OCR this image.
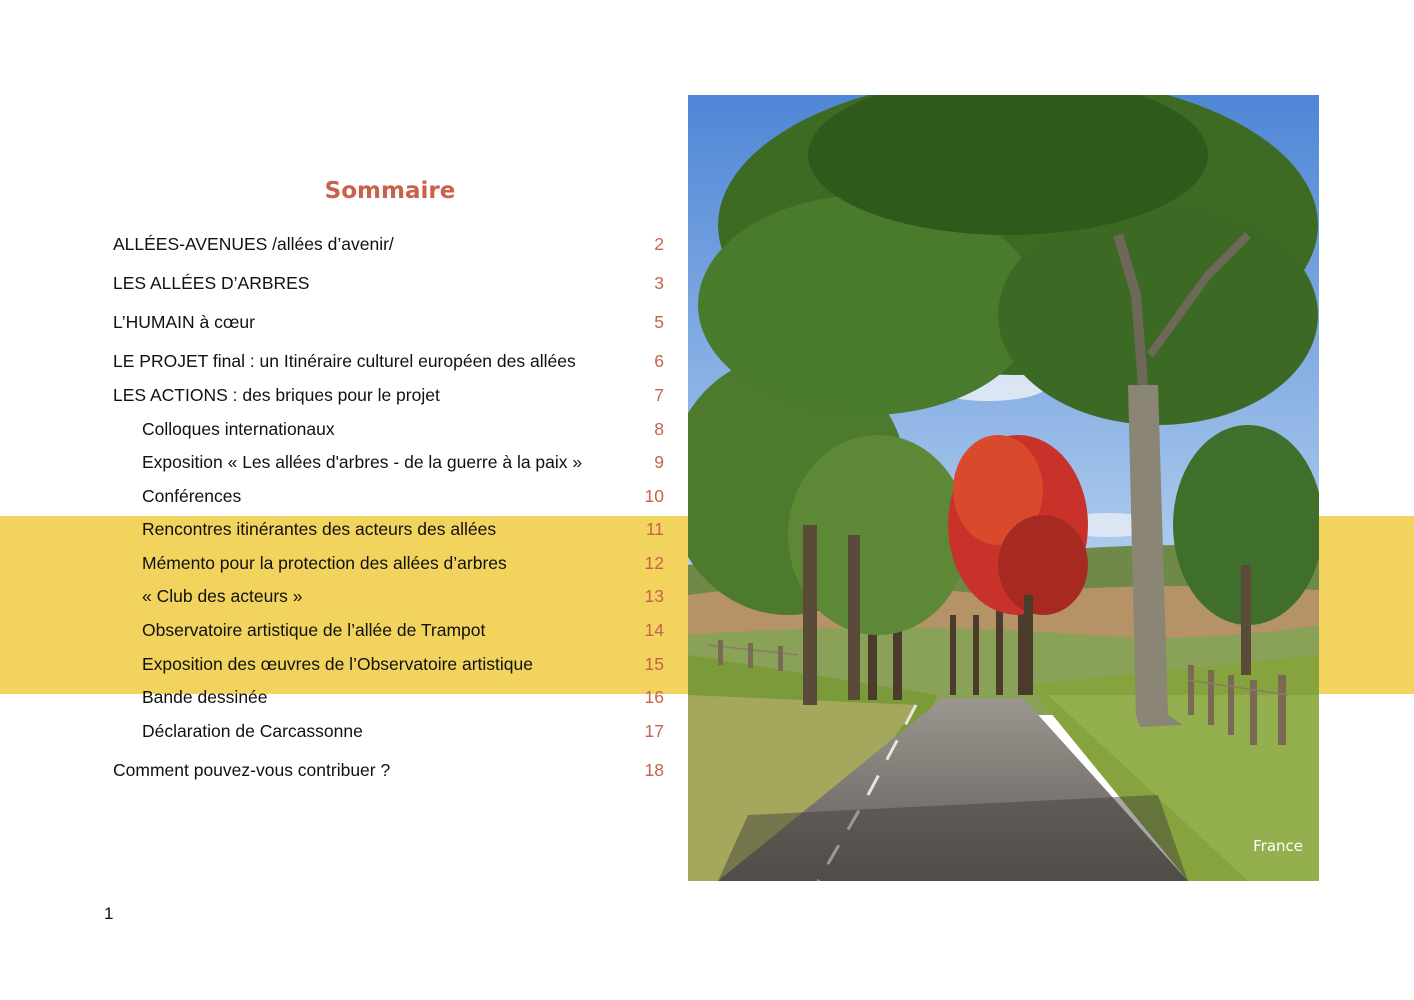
Sommaire
ALLÉES-AVENUES /allées d’avenir/	2
LES ALLÉES D’ARBRES	3
L’HUMAIN à cœur	5
LE PROJET final : un Itinéraire culturel européen des allées	6
LES ACTIONS : des briques pour le projet	7
Colloques internationaux	8
Exposition « Les allées d'arbres - de la guerre à la paix »	9
Conférences	10
Rencontres itinérantes des acteurs des allées	11
Mémento pour la protection des allées d’arbres	12
« Club des acteurs »	13
Observatoire artistique de l’allée de Trampot	14
Exposition des œuvres de l’Observatoire artistique	15
Bande dessinée	16
Déclaration de Carcassonne	17
Comment pouvez-vous contribuer ?	18
France
1
